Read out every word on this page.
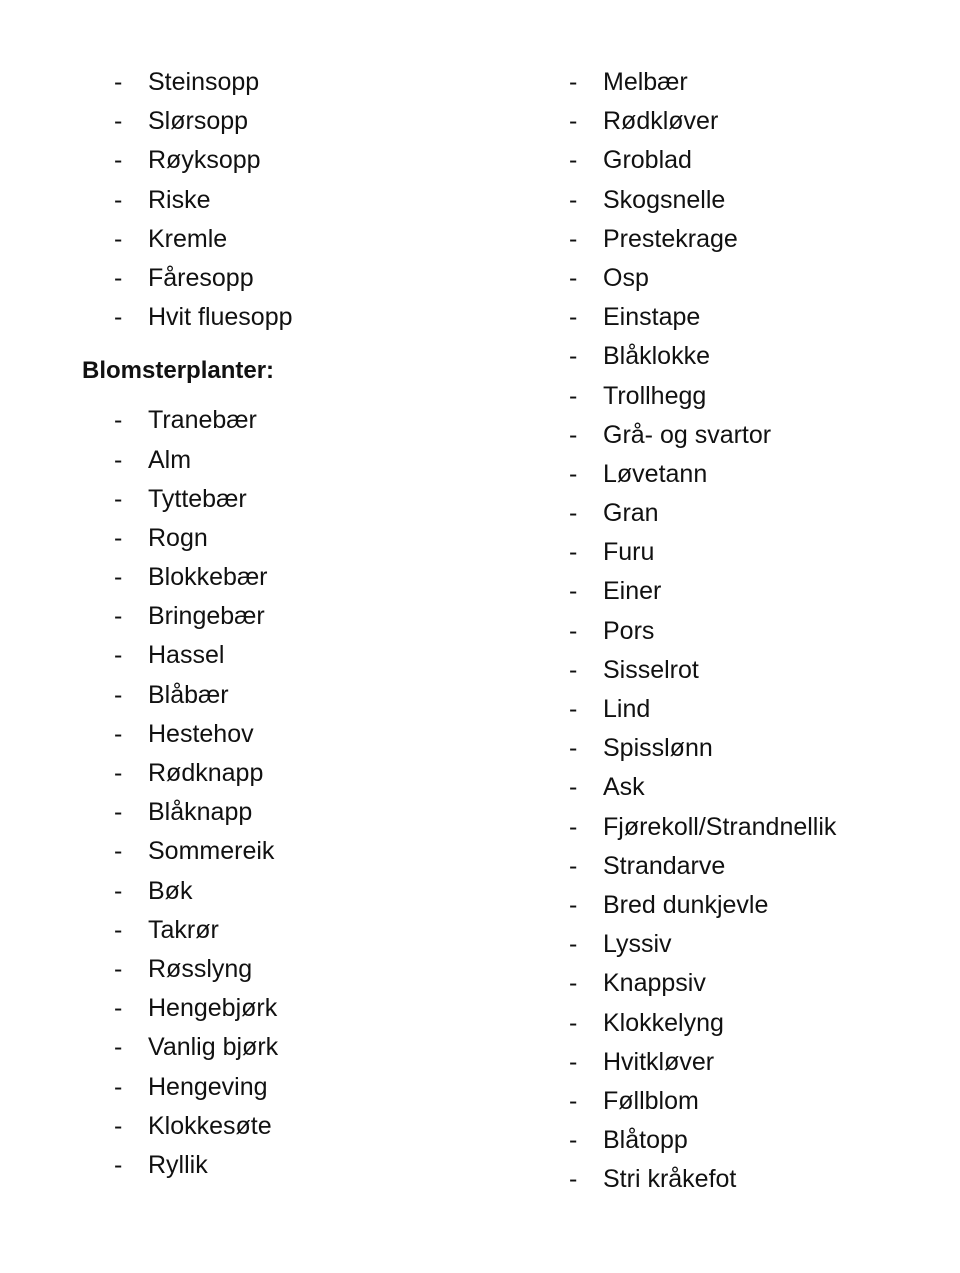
- Steinsopp
- Slørsopp
- Røyksopp
- Riske
- Kremle
- Fåresopp
- Hvit fluesopp
Blomsterplanter:
- Tranebær
- Alm
- Tyttebær
- Rogn
- Blokkebær
- Bringebær
- Hassel
- Blåbær
- Hestehov
- Rødknapp
- Blåknapp
- Sommereik
- Bøk
- Takrør
- Røsslyng
- Hengebjørk
- Vanlig bjørk
- Hengeving
- Klokkesøte
- Ryllik
- Melbær
- Rødkløver
- Groblad
- Skogsnelle
- Prestekrage
- Osp
- Einstape
- Blåklokke
- Trollhegg
- Grå- og svartor
- Løvetann
- Gran
- Furu
- Einer
- Pors
- Sisselrot
- Lind
- Spisslønn
- Ask
- Fjørekoll/Strandnellik
- Strandarve
- Bred dunkjevle
- Lyssiv
- Knappsiv
- Klokkelyng
- Hvitkløver
- Føllblom
- Blåtopp
- Stri kråkefot
